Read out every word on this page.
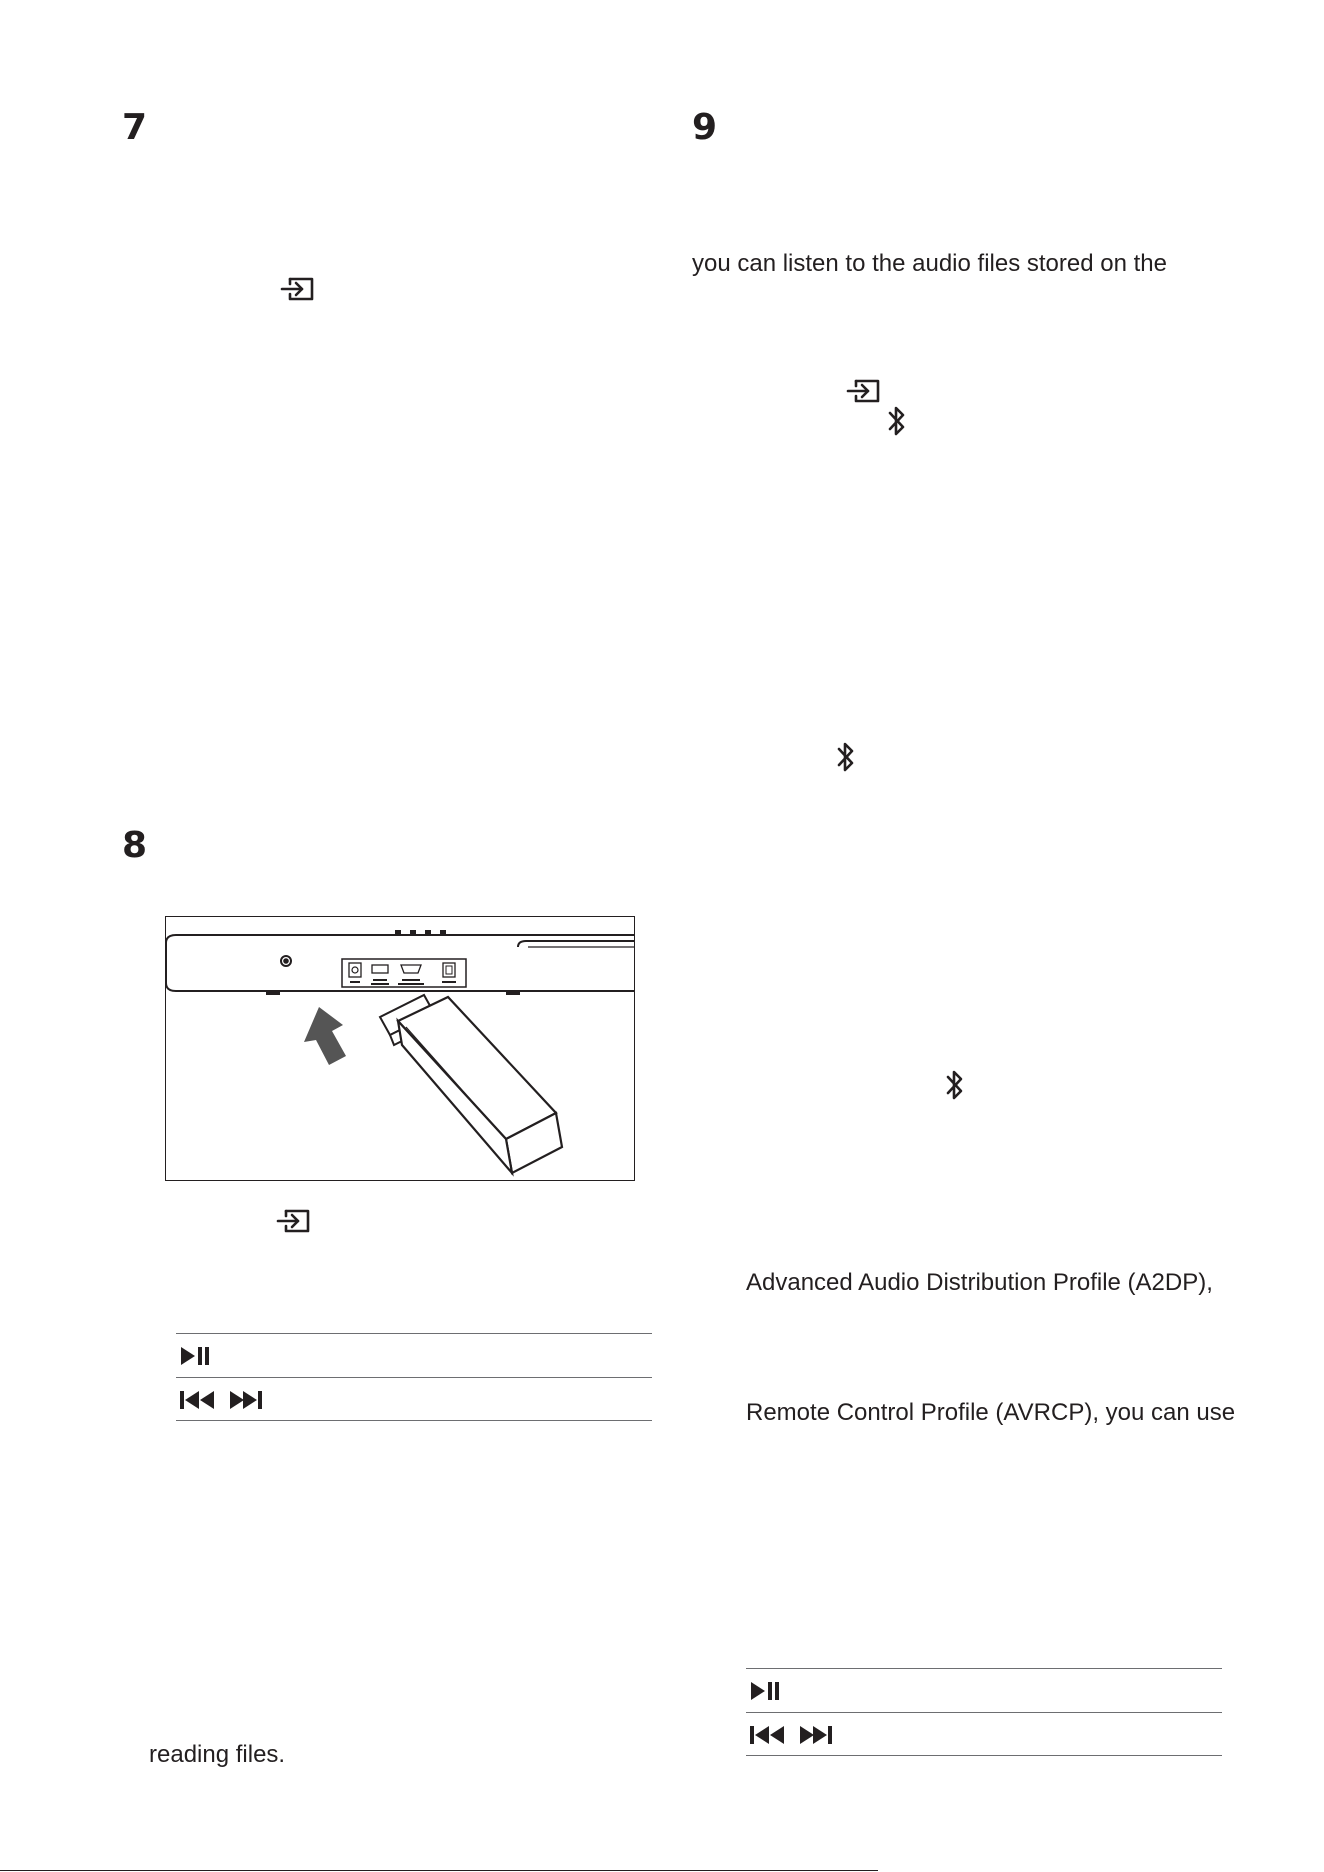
7	9
8
you can listen to the audio files stored on the
Advanced Audio Distribution Profile (A2DP),
Remote Control Profile (AVRCP), you can use
reading files.
